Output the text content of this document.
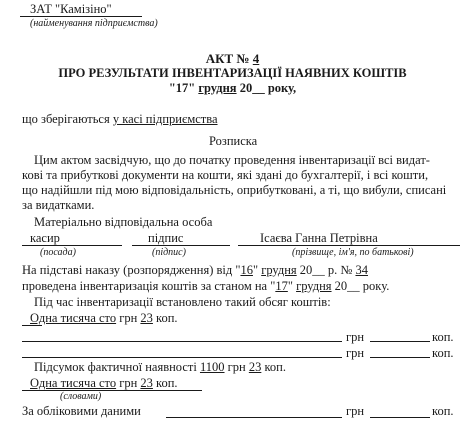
ЗАТ "Камізіно"
(найменування підприємства)
АКТ № 4
ПРО РЕЗУЛЬТАТИ ІНВЕНТАРИЗАЦІЇ НАЯВНИХ КОШТІВ
"17" грудня 20__ року,
що зберігаються у касі підприємства
Розписка
Цим актом засвідчую, що до початку проведення інвентаризації всі видат-
кові та прибуткові документи на кошти, які здані до бухгалтерії, і всі кошти,
що надійшли під мою відповідальність, оприбутковані, а ті, що вибули, списані
за видатками.
Матеріально відповідальна особа
касир	підпис	Ісаєва Ганна Петрівна
(посада)	(підпис)	(прізвище, ім'я, по батькові)
На підставі наказу (розпорядження) від "16" грудня 20__ р. № 34
проведена інвентаризація коштів за станом на "17" грудня 20__ року.
Під час інвентаризації встановлено такий обсяг коштів:
Одна тисяча сто грн 23 коп.
грн	коп.
грн	коп.
Підсумок фактичної наявності 1100 грн 23 коп.
Одна тисяча сто грн 23 коп.
(словами)
За обліковими даними	грн	коп.
